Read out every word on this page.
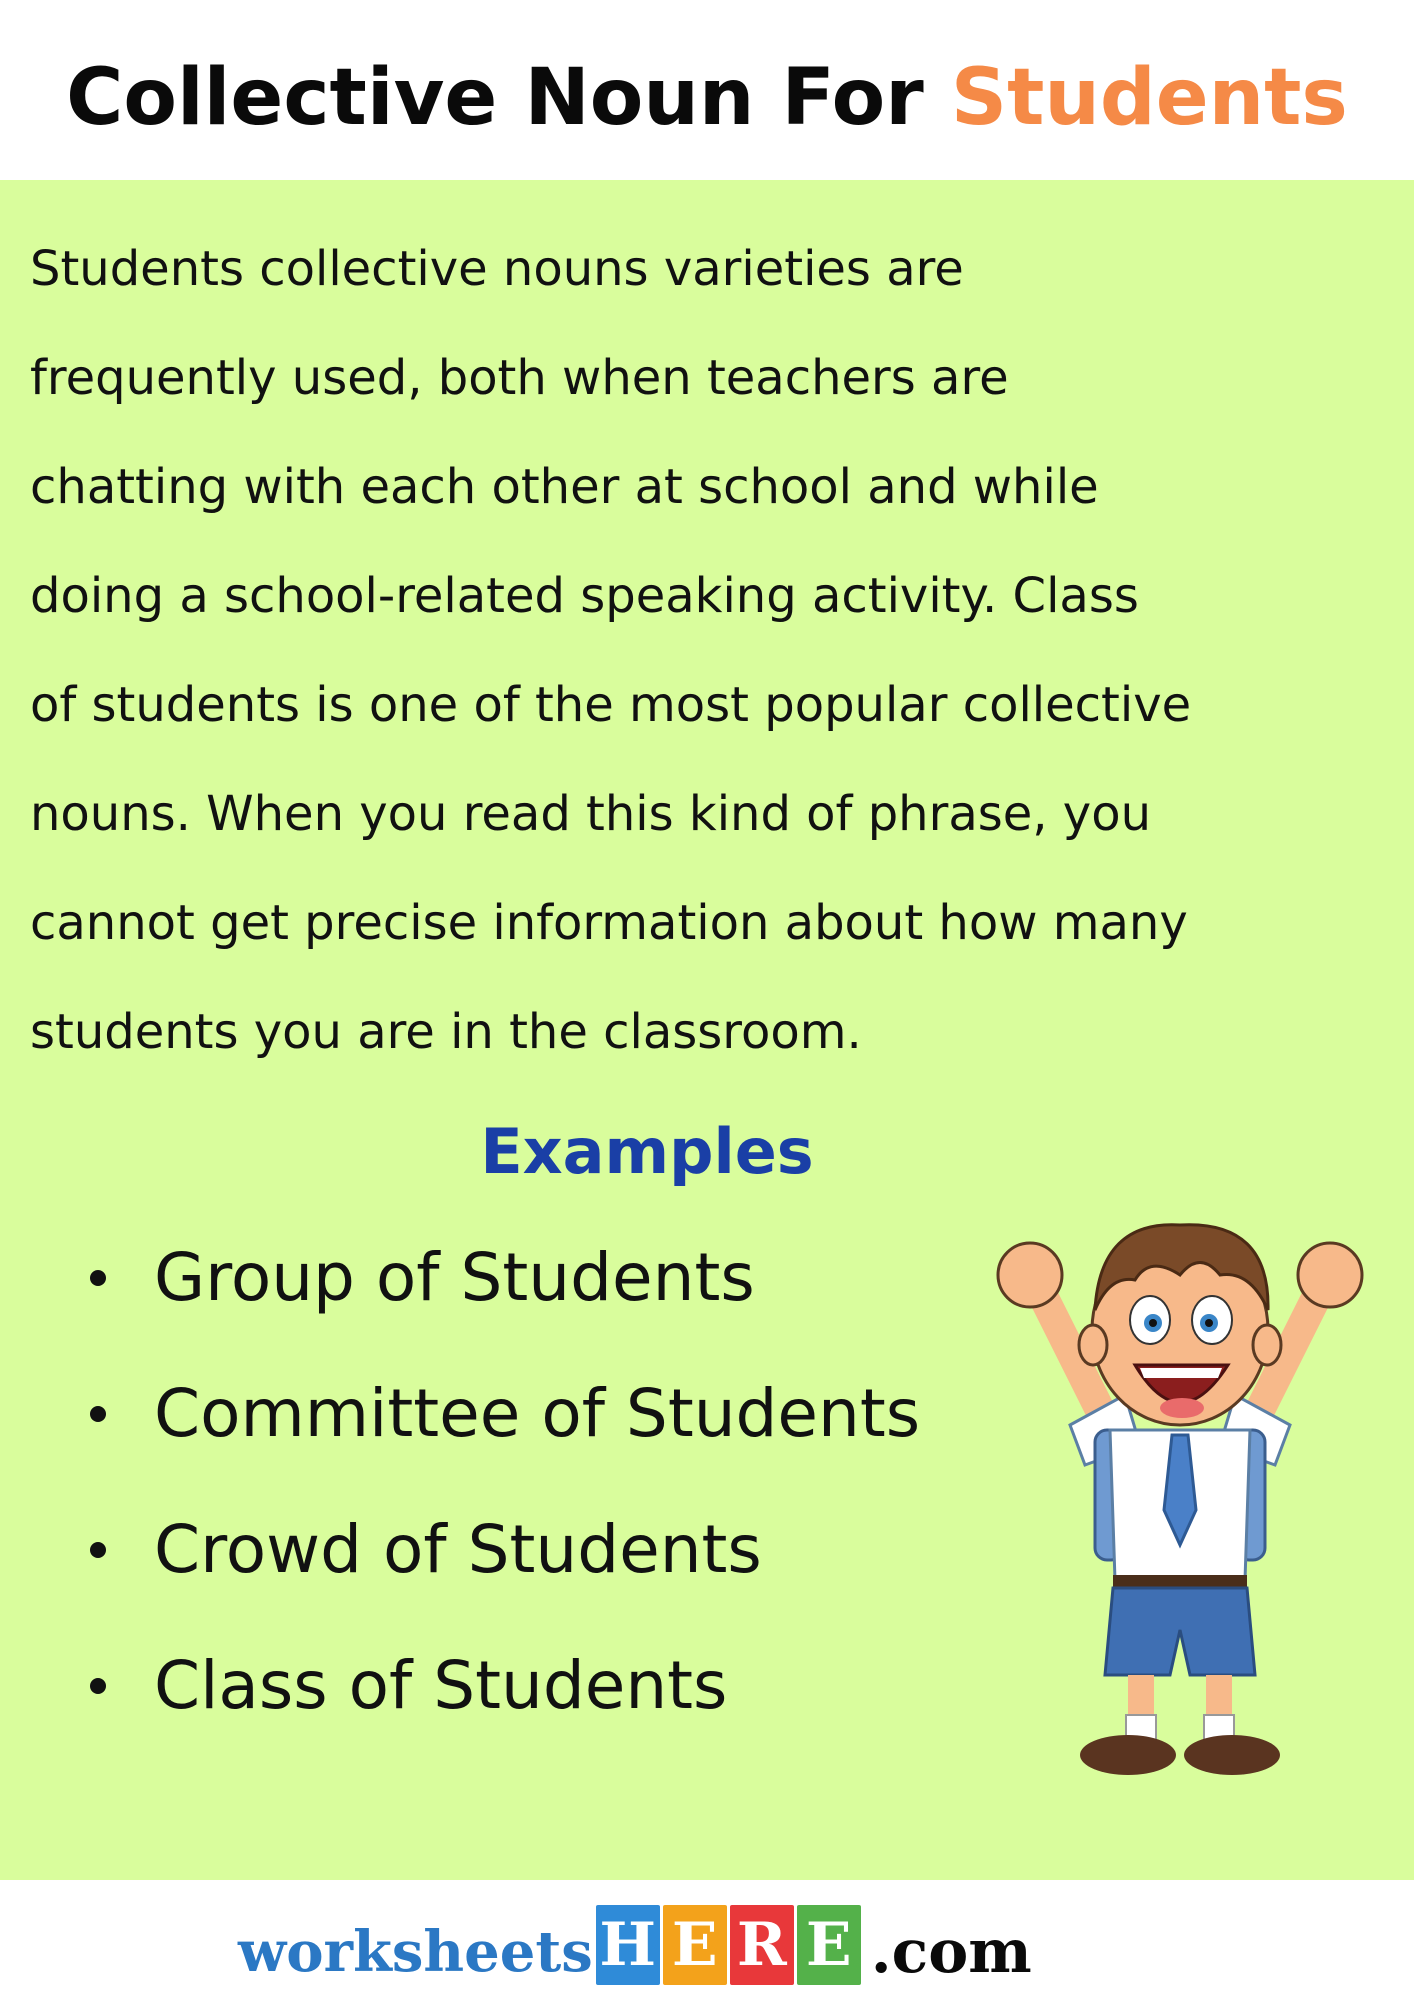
Collective Noun For Students

Students collective nouns varieties are
frequently used, both when teachers are
chatting with each other at school and while
doing a school-related speaking activity. Class
of students is one of the most popular collective
nouns. When you read this kind of phrase, you
cannot get precise information about how many
students you are in the classroom.

Examples
Group of Students
Committee of Students
Crowd of Students
Class of Students
worksheets H E R E .com
